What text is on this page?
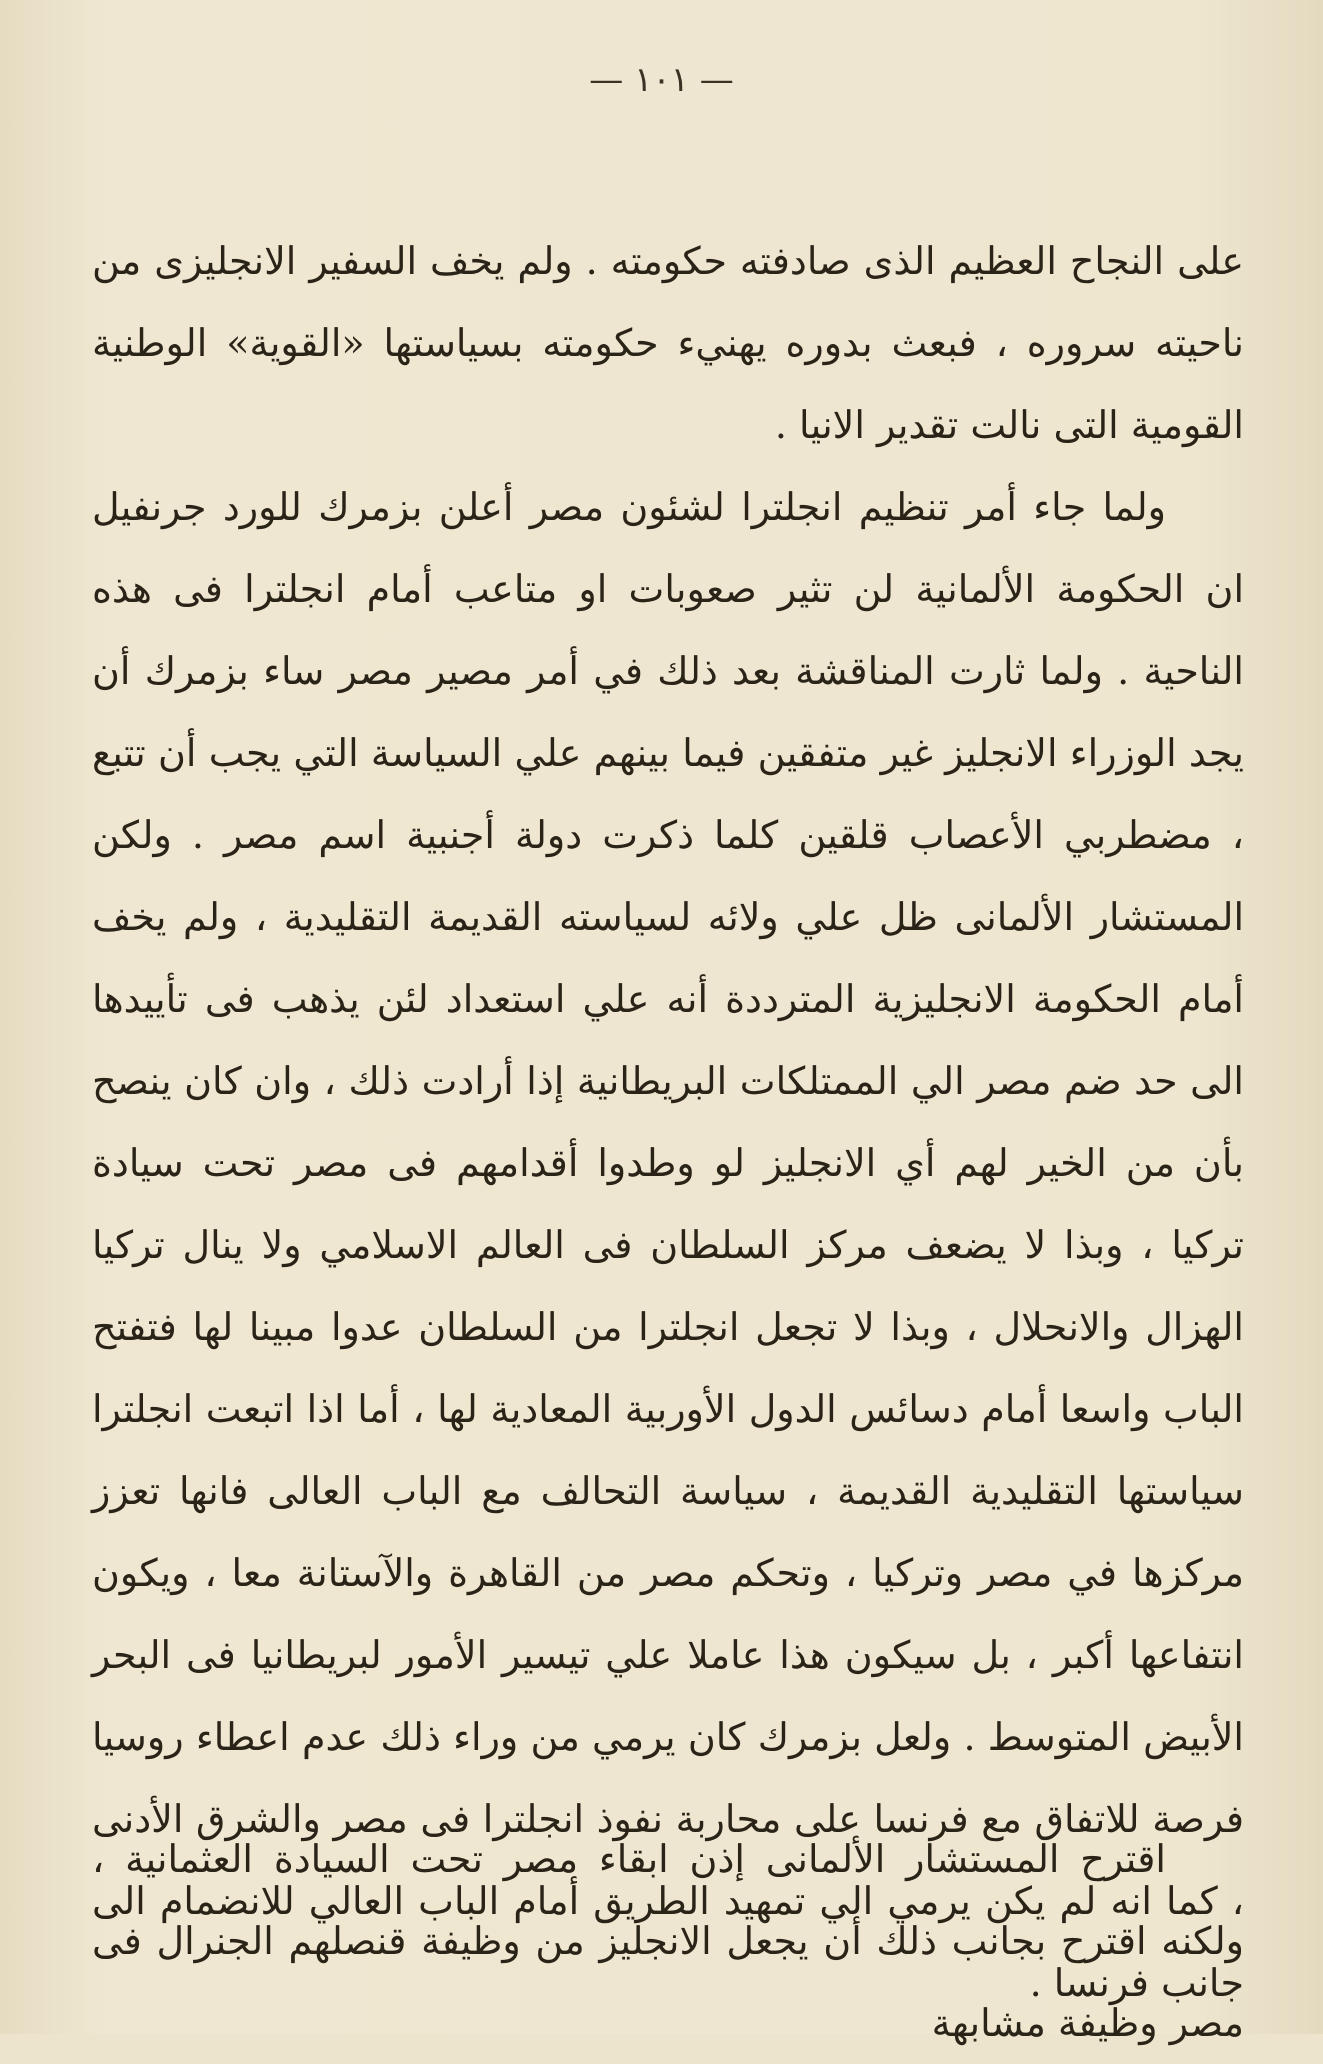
— ١٠١ —

على النجاح العظيم الذى صادفته حكومته . ولم يخف السفير الانجليزى من ناحيته سروره ، فبعث بدوره يهنيء حكومته بسياستها «القوية» الوطنية القومية التى نالت تقدير الانيا .

ولما جاء أمر تنظيم انجلترا لشئون مصر أعلن بزمرك للورد جرنفيل ان الحكومة الألمانية لن تثير صعوبات او متاعب أمام انجلترا فى هذه الناحية . ولما ثارت المناقشة بعد ذلك في أمر مصير مصر ساء بزمرك أن يجد الوزراء الانجليز غير متفقين فيما بينهم علي السياسة التي يجب أن تتبع ، مضطربي الأعصاب قلقين كلما ذكرت دولة أجنبية اسم مصر . ولكن المستشار الألمانى ظل علي ولائه لسياسته القديمة التقليدية ، ولم يخف أمام الحكومة الانجليزية المترددة أنه علي استعداد لئن يذهب فى تأييدها الى حد ضم مصر الي الممتلكات البريطانية إذا أرادت ذلك ، وان كان ينصح بأن من الخير لهم أي الانجليز لو وطدوا أقدامهم فى مصر تحت سيادة تركيا ، وبذا لا يضعف مركز السلطان فى العالم الاسلامي ولا ينال تركيا الهزال والانحلال ، وبذا لا تجعل انجلترا من السلطان عدوا مبينا لها فتفتح الباب واسعا أمام دسائس الدول الأوربية المعادية لها ، أما اذا اتبعت انجلترا سياستها التقليدية القديمة ، سياسة التحالف مع الباب العالى فانها تعزز مركزها في مصر وتركيا ، وتحكم مصر من القاهرة والآستانة معا ، ويكون انتفاعها أكبر ، بل سيكون هذا عاملا علي تيسير الأمور لبريطانيا فى البحر الأبيض المتوسط . ولعل بزمرك كان يرمي من وراء ذلك عدم اعطاء روسيا فرصة للاتفاق مع فرنسا على محاربة نفوذ انجلترا فى مصر والشرق الأدنى ، كما انه لم يكن يرمي الي تمهيد الطريق أمام الباب العالي للانضمام الى جانب فرنسا .

اقترح المستشار الألمانى إذن ابقاء مصر تحت السيادة العثمانية ، ولكنه اقترح بجانب ذلك أن يجعل الانجليز من وظيفة قنصلهم الجنرال فى مصر وظيفة مشابهة
